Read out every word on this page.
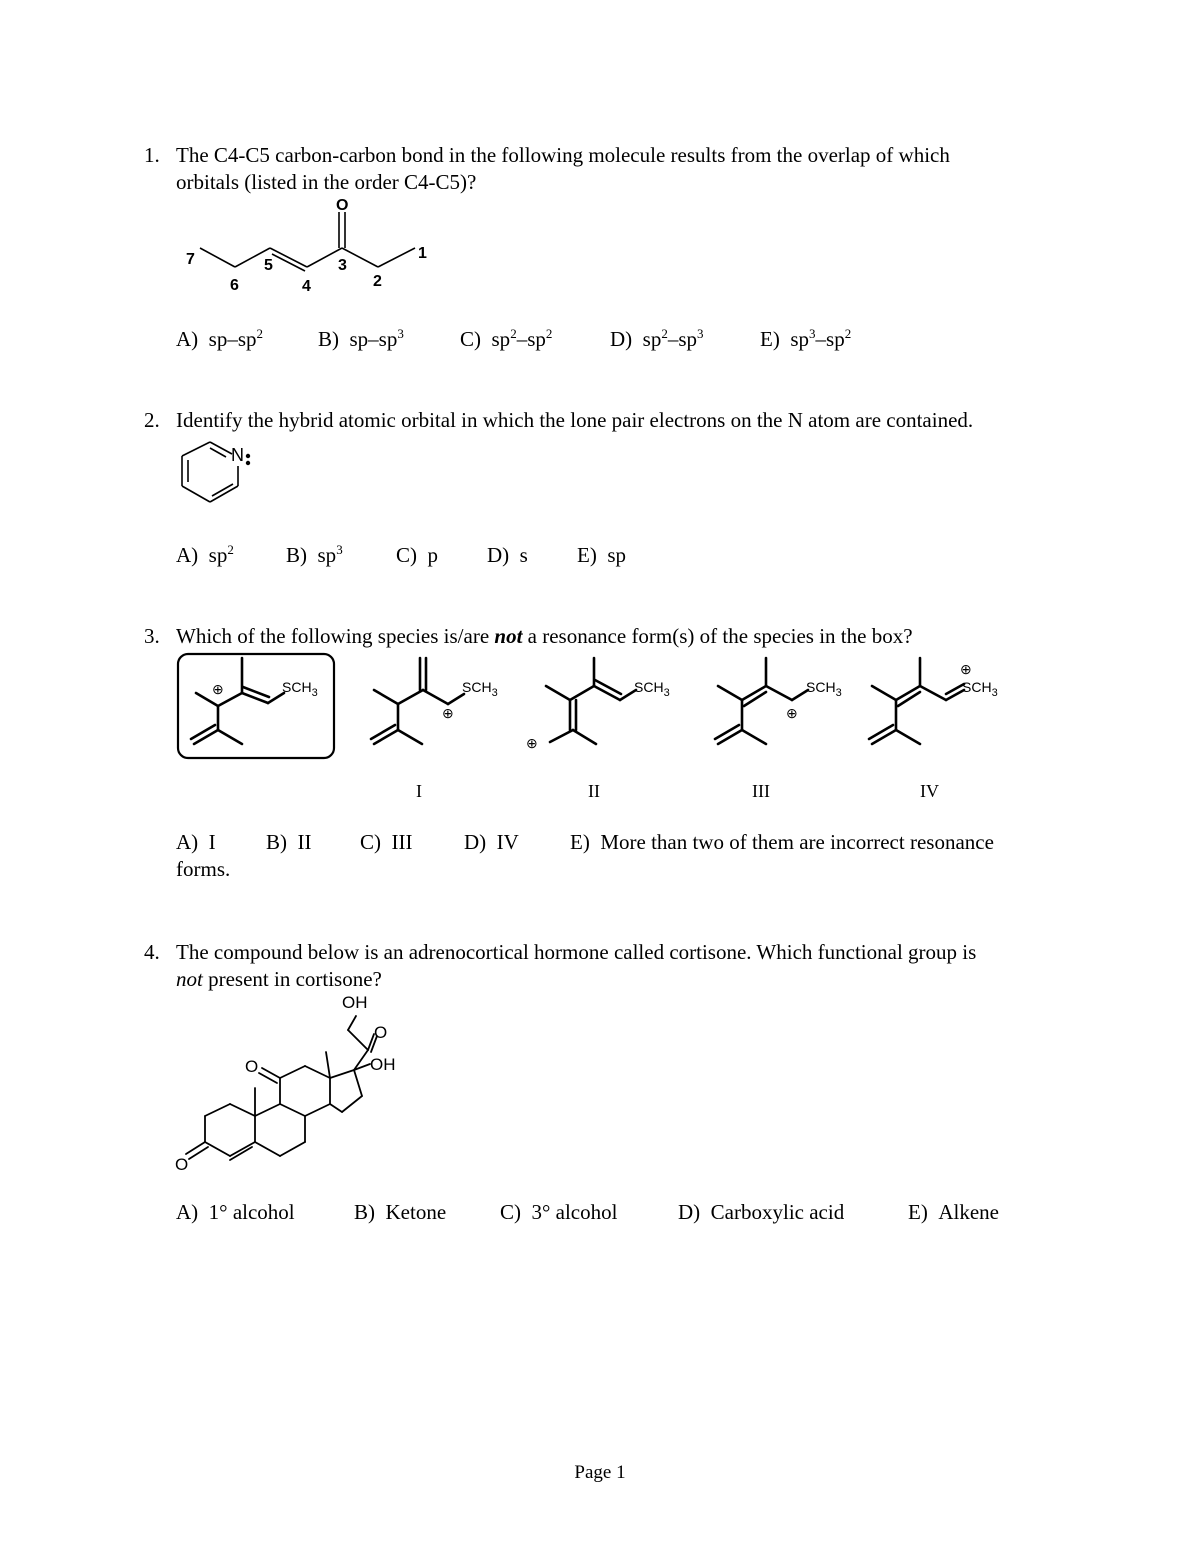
1. The C4-C5 carbon-carbon bond in the following molecule results from the overlap of which
orbitals (listed in the order C4-C5)?
O
7
6
5
4
3
2
1
A) $sp-sp^2$	B) $sp-sp^3$	C) $sp^2-sp^2$	D) $sp^2-sp^3$	E) $sp^3-sp^2$
2. Identify the hybrid atomic orbital in which the lone pair electrons on the N atom are contained.
N
A) $sp^2$ B) $sp^3$	C) p D) s E) sp
3. Which of the following species is/are not a resonance form(s) of the species in the box?
$SCH_3$
⊕	$SCH_3$
⊕
$SCH_3$
⊕
$SCH_3$
⊕
$SCH_3$
⊕
I	II	III	IV
A) I B) II C) III D) IV E) More than two of them are incorrect resonance
forms.
4. The compound below is an adrenocortical hormone called cortisone. Which functional group is
not present in cortisone?
OH
O
OH
O
O
A) 1° alcohol	B) Ketone	C) 3° alcohol	D) Carboxylic acid	E) Alkene
Page 1
